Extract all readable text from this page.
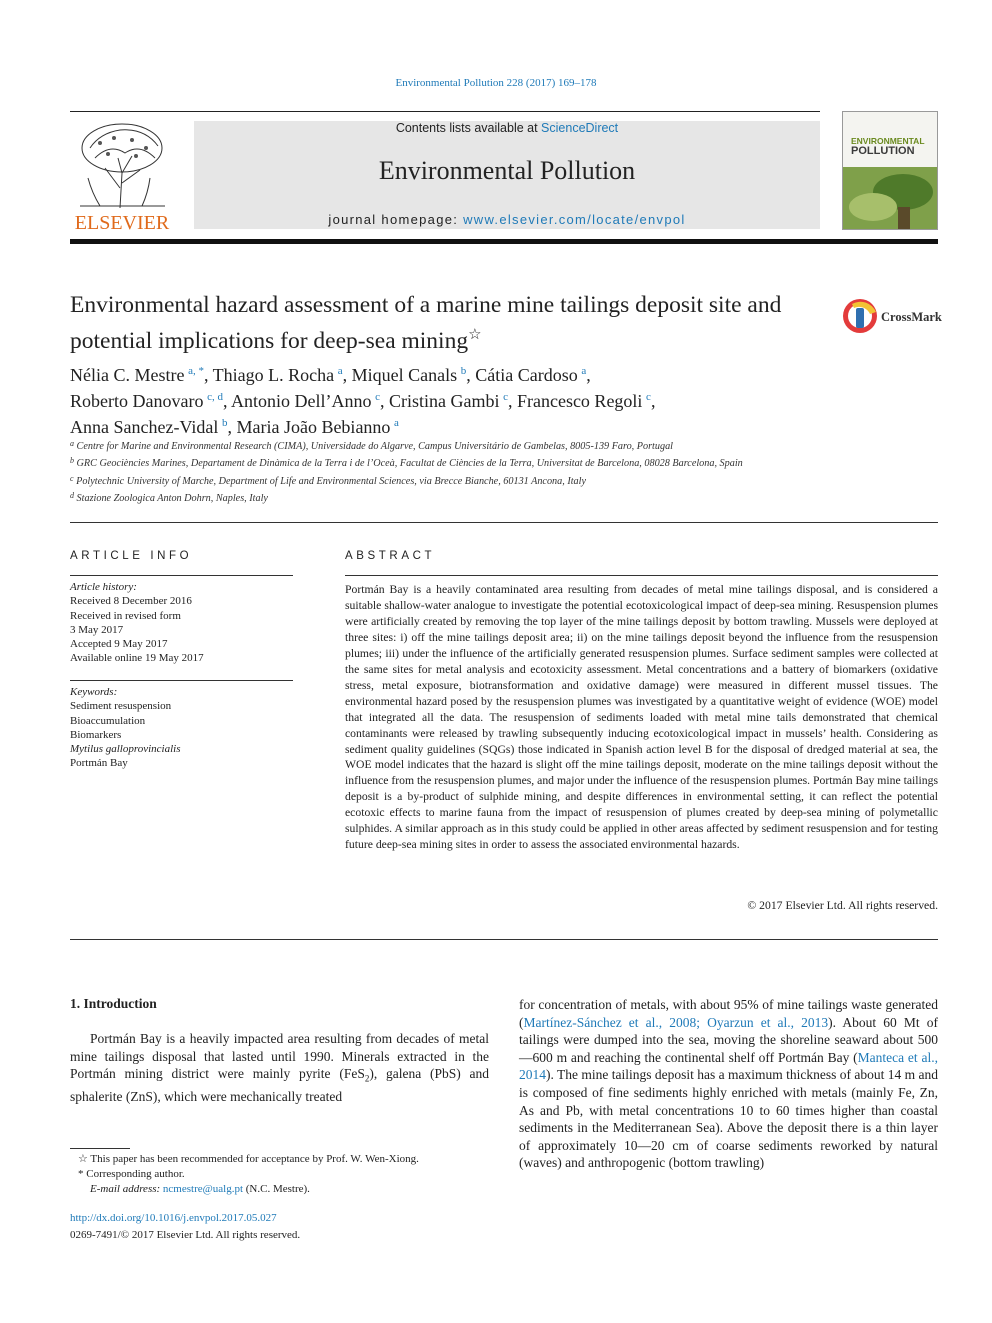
Environmental Pollution 228 (2017) 169–178
ELSEVIER
Contents lists available at ScienceDirect
Environmental Pollution
journal homepage: www.elsevier.com/locate/envpol
ENVIRONMENTAL
POLLUTION
Environmental hazard assessment of a marine mine tailings deposit site and potential implications for deep-sea mining☆
CrossMark
Nélia C. Mestre  $^{a, *}$, Thiago L. Rocha  $^a$, Miquel Canals  $^b$, Cátia Cardoso  $^a$,
Roberto Danovaro  $^{c, d}$, Antonio Dell’Anno  $^c$, Cristina Gambi  $^c$, Francesco Regoli  $^c$,
Anna Sanchez-Vidal  $^b$, Maria João Bebianno  $^a$
$^a$ Centre for Marine and Environmental Research (CIMA), Universidade do Algarve, Campus Universitário de Gambelas, 8005-139 Faro, Portugal
$^b$ GRC Geociències Marines, Departament de Dinàmica de la Terra i de l’Oceà, Facultat de Ciències de la Terra, Universitat de Barcelona, 08028 Barcelona, Spain
$^c$ Polytechnic University of Marche, Department of Life and Environmental Sciences, via Brecce Bianche, 60131 Ancona, Italy
$^d$ Stazione Zoologica Anton Dohrn, Naples, Italy
ARTICLE INFO
Article history:
Received 8 December 2016
Received in revised form
3 May 2017
Accepted 9 May 2017
Available online 19 May 2017
Keywords:
Sediment resuspension
Bioaccumulation
Biomarkers
Mytilus galloprovincialis
Portmán Bay
ABSTRACT
Portmán Bay is a heavily contaminated area resulting from decades of metal mine tailings disposal, and is considered a suitable shallow-water analogue to investigate the potential ecotoxicological impact of deep-sea mining. Resuspension plumes were artificially created by removing the top layer of the mine tailings deposit by bottom trawling. Mussels were deployed at three sites: i) off the mine tailings deposit area; ii) on the mine tailings deposit beyond the influence from the resuspension plumes; iii) under the influence of the artificially generated resuspension plumes. Surface sediment samples were collected at the same sites for metal analysis and ecotoxicity assessment. Metal concentrations and a battery of biomarkers (oxidative stress, metal exposure, biotransformation and oxidative damage) were measured in different mussel tissues. The environmental hazard posed by the resuspension plumes was investigated by a quantitative weight of evidence (WOE) model that integrated all the data. The resuspension of sediments loaded with metal mine tails demonstrated that chemical contaminants were released by trawling subsequently inducing ecotoxicological impact in mussels’ health. Considering as sediment quality guidelines (SQGs) those indicated in Spanish action level B for the disposal of dredged material at sea, the WOE model indicates that the hazard is slight off the mine tailings deposit, moderate on the mine tailings deposit without the influence from the resuspension plumes, and major under the influence of the resuspension plumes. Portmán Bay mine tailings deposit is a by-product of sulphide mining, and despite differences in environmental setting, it can reflect the potential ecotoxic effects to marine fauna from the impact of resuspension of plumes created by deep-sea mining of polymetallic sulphides. A similar approach as in this study could be applied in other areas affected by sediment resuspension and for testing future deep-sea mining sites in order to assess the associated environmental hazards.
© 2017 Elsevier Ltd. All rights reserved.
1. Introduction
Portmán Bay is a heavily impacted area resulting from decades of metal mine tailings disposal that lasted until 1990. Minerals extracted in the Portmán mining district were mainly pyrite (FeS$_2$), galena (PbS) and sphalerite (ZnS), which were mechanically treated
for concentration of metals, with about 95% of mine tailings waste generated (Martínez-Sánchez et al., 2008; Oyarzun et al., 2013). About 60 Mt of tailings were dumped into the sea, moving the shoreline seaward about 500—600 m and reaching the continental shelf off Portmán Bay (Manteca et al., 2014). The mine tailings deposit has a maximum thickness of about 14 m and is composed of fine sediments highly enriched with metals (mainly Fe, Zn, As and Pb, with metal concentrations 10 to 60 times higher than coastal sediments in the Mediterranean Sea). Above the deposit there is a thin layer of approximately 10—20 cm of coarse sediments reworked by natural (waves) and anthropogenic (bottom trawling)
☆ This paper has been recommended for acceptance by Prof. W. Wen-Xiong.
* Corresponding author.
E-mail address: ncmestre@ualg.pt (N.C. Mestre).
http://dx.doi.org/10.1016/j.envpol.2017.05.027
0269-7491/© 2017 Elsevier Ltd. All rights reserved.
